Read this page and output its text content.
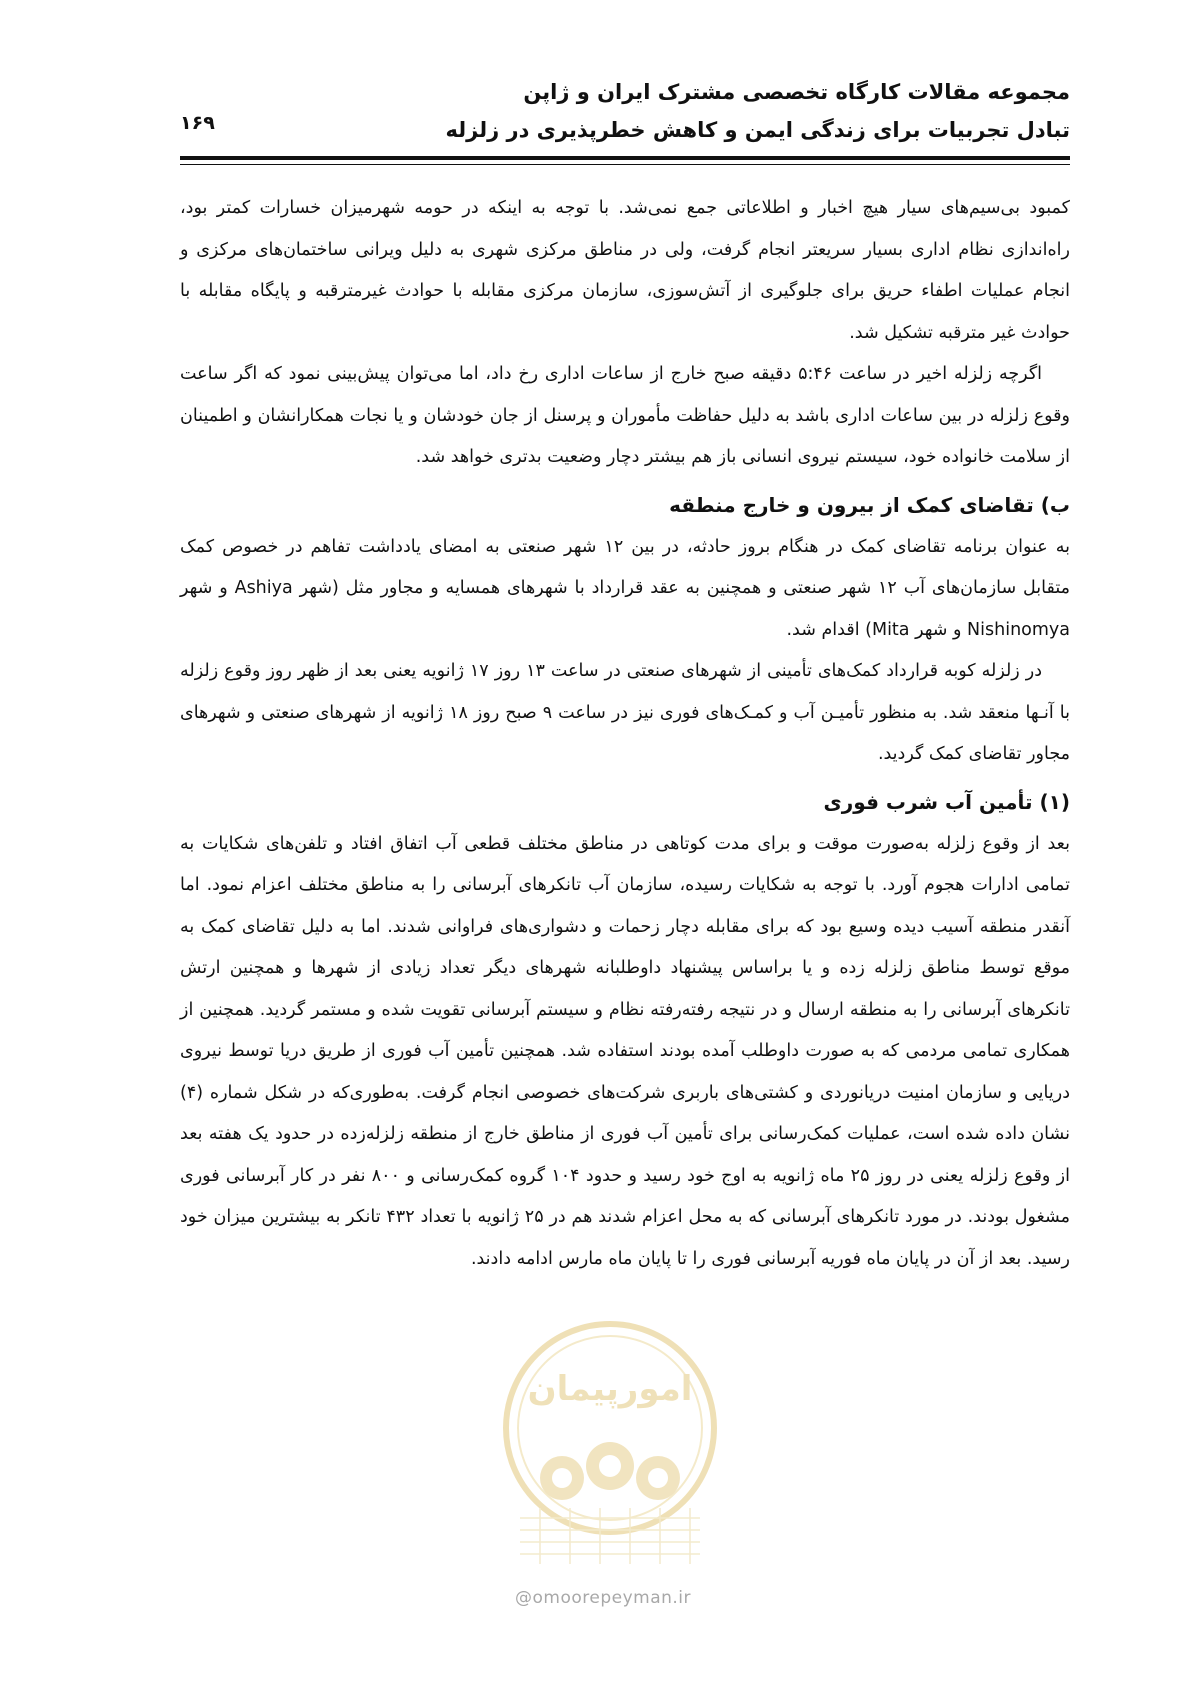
مجموعه مقالات کارگاه تخصصی مشترک ایران و ژاپن
تبادل تجربیات برای زندگی ایمن و کاهش خطرپذیری در زلزله
۱۶۹

کمبود بی‌سیم‌های سیار هیچ اخبار و اطلاعاتی جمع نمی‌شد. با توجه به اینکه در حومه شهرمیزان خسارات کمتر بود، راه‌اندازی نظام اداری بسیار سریعتر انجام گرفت، ولی در مناطق مرکزی شهری به دلیل ویرانی ساختمان‌های مرکزی و انجام عملیات اطفاء حریق برای جلوگیری از آتش‌سوزی، سازمان مرکزی مقابله با حوادث غیرمترقبه و پایگاه مقابله با حوادث غیر مترقبه تشکیل شد.

اگرچه زلزله اخیر در ساعت ۵:۴۶ دقیقه صبح خارج از ساعات اداری رخ داد، اما می‌توان پیش‌بینی نمود که اگر ساعت وقوع زلزله در بین ساعات اداری باشد به دلیل حفاظت مأموران و پرسنل از جان خودشان و یا نجات همکارانشان و اطمینان از سلامت خانواده خود، سیستم نیروی انسانی باز هم بیشتر دچار وضعیت بدتری خواهد شد.

ب) تقاضای کمک از بیرون و خارج منطقه

به عنوان برنامه تقاضای کمک در هنگام بروز حادثه، در بین ۱۲ شهر صنعتی به امضای یادداشت تفاهم در خصوص کمک متقابل سازمان‌های آب ۱۲ شهر صنعتی و همچنین به عقد قرارداد با شهرهای همسایه و مجاور مثل (شهر Ashiya و شهر Nishinomya و شهر Mita) اقدام شد.

در زلزله کوبه قرارداد کمک‌های تأمینی از شهرهای صنعتی در ساعت ۱۳ روز ۱۷ ژانویه یعنی بعد از ظهر روز وقوع زلزله با آنـها منعقد شد. به منظور تأمیـن آب و کمـک‌های فوری نیز در ساعت ۹ صبح روز ۱۸ ژانویه از شهرهای صنعتی و شهرهای مجاور تقاضای کمک گردید.

(۱) تأمین آب شرب فوری

بعد از وقوع زلزله به‌صورت موقت و برای مدت کوتاهی در مناطق مختلف قطعی آب اتفاق افتاد و تلفن‌های شکایات به تمامی ادارات هجوم آورد. با توجه به شکایات رسیده، سازمان آب تانکرهای آبرسانی را به مناطق مختلف اعزام نمود. اما آنقدر منطقه آسیب دیده وسیع بود که برای مقابله دچار زحمات و دشواری‌های فراوانی شدند. اما به دلیل تقاضای کمک به موقع توسط مناطق زلزله زده و یا براساس پیشنهاد داوطلبانه شهرهای دیگر تعداد زیادی از شهرها و همچنین ارتش تانکرهای آبرسانی را به منطقه ارسال و در نتیجه رفته‌رفته نظام و سیستم آبرسانی تقویت شده و مستمر گردید. همچنین از همکاری تمامی مردمی که به صورت داوطلب آمده بودند استفاده شد. همچنین تأمین آب فوری از طریق دریا توسط نیروی دریایی و سازمان امنیت دریانوردی و کشتی‌های باربری شرکت‌های خصوصی انجام گرفت. به‌طوری‌که در شکل شماره (۴) نشان داده شده است، عملیات کمک‌رسانی برای تأمین آب فوری از مناطق خارج از منطقه زلزله‌زده در حدود یک هفته بعد از وقوع زلزله یعنی در روز ۲۵ ماه ژانویه به اوج خود رسید و حدود ۱۰۴ گروه کمک‌رسانی و ۸۰۰ نفر در کار آبرسانی فوری مشغول بودند. در مورد تانکرهای آبرسانی که به محل اعزام شدند هم در ۲۵ ژانویه با تعداد ۴۳۲ تانکر به بیشترین میزان خود رسید. بعد از آن در پایان ماه فوریه آبرسانی فوری را تا پایان ماه مارس ادامه دادند.

امورپیمان
@omoorepeyman.ir
